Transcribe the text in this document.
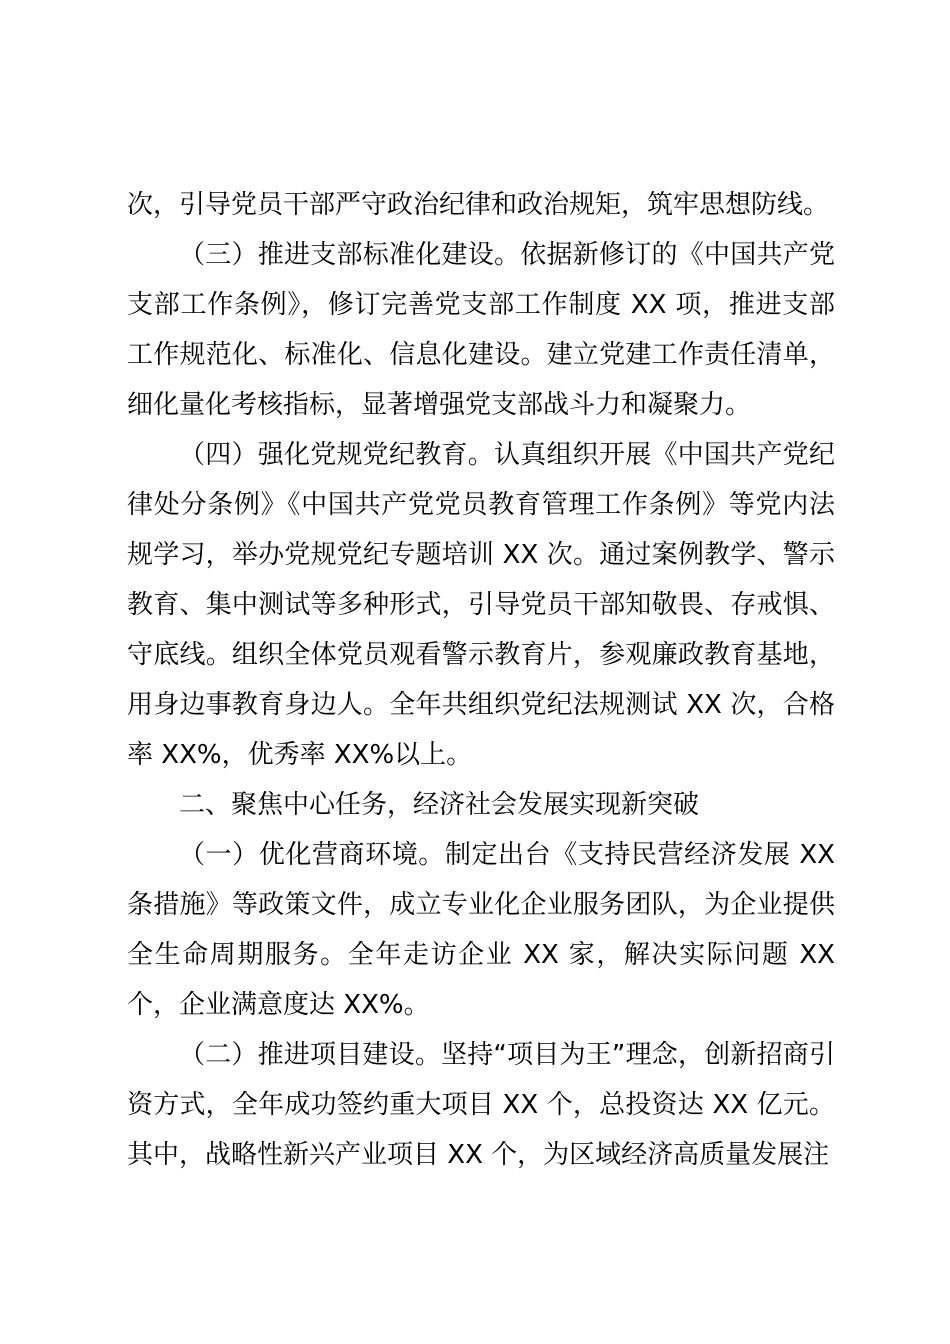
次，引导党员干部严守政治纪律和政治规矩，筑牢思想防线。

（三）推进支部标准化建设。依据新修订的《中国共产党支部工作条例》，修订完善党支部工作制度 XX 项，推进支部工作规范化、标准化、信息化建设。建立党建工作责任清单，细化量化考核指标，显著增强党支部战斗力和凝聚力。

（四）强化党规党纪教育。认真组织开展《中国共产党纪律处分条例》《中国共产党党员教育管理工作条例》等党内法规学习，举办党规党纪专题培训 XX 次。通过案例教学、警示教育、集中测试等多种形式，引导党员干部知敬畏、存戒惧、守底线。组织全体党员观看警示教育片，参观廉政教育基地，用身边事教育身边人。全年共组织党纪法规测试 XX 次，合格率 XX%，优秀率 XX%以上。

二、聚焦中心任务，经济社会发展实现新突破

（一）优化营商环境。制定出台《支持民营经济发展 XX 条措施》等政策文件，成立专业化企业服务团队，为企业提供全生命周期服务。全年走访企业 XX 家，解决实际问题 XX 个，企业满意度达 XX%。

（二）推进项目建设。坚持“项目为王”理念，创新招商引资方式，全年成功签约重大项目 XX 个，总投资达 XX 亿元。其中，战略性新兴产业项目 XX 个，为区域经济高质量发展注
